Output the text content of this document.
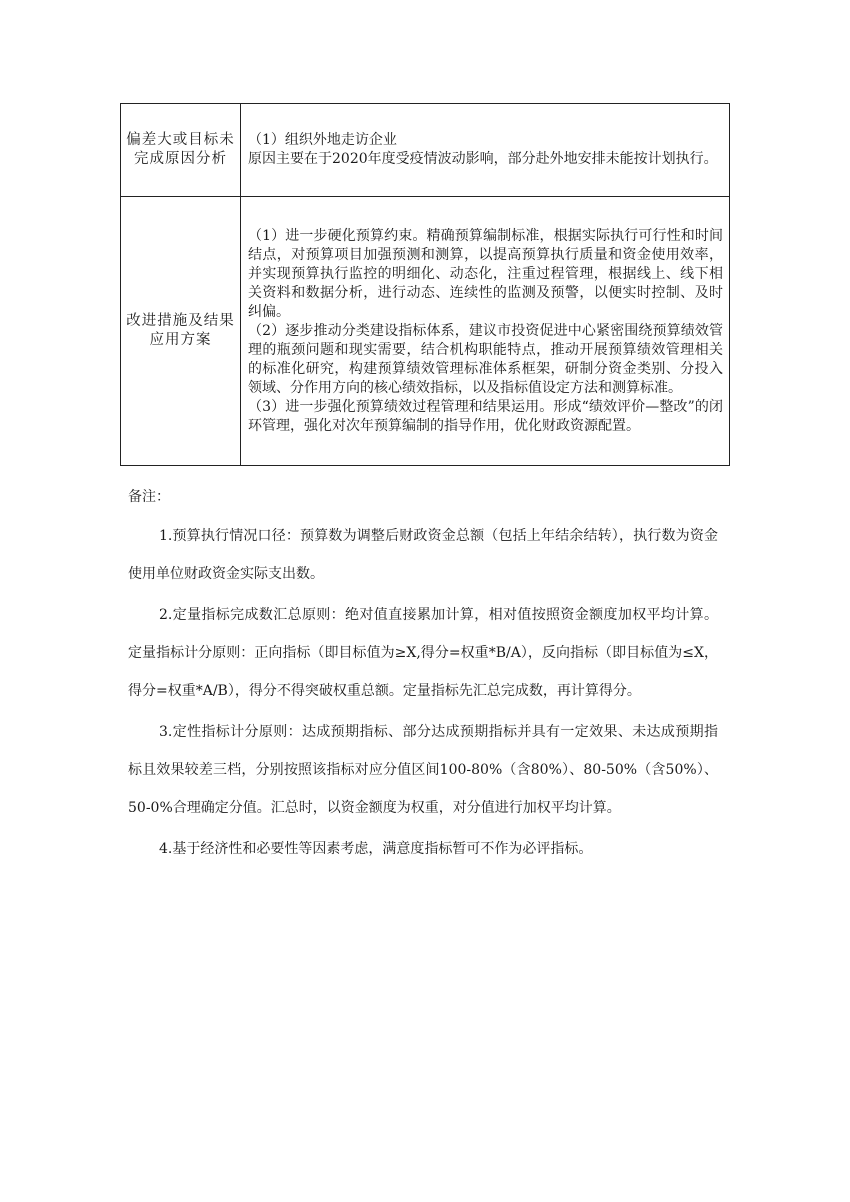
偏差大或目标未完成原因分析	（1）组织外地走访企业

原因主要在于2020年度受疫情波动影响，部分赴外地安排未能按计划执行。

改进措施及结果应用方案	（1）进一步硬化预算约束。精确预算编制标准，根据实际执行可行性和时间结点，对预算项目加强预测和测算，以提高预算执行质量和资金使用效率，并实现预算执行监控的明细化、动态化，注重过程管理，根据线上、线下相关资料和数据分析，进行动态、连续性的监测及预警，以便实时控制、及时纠偏。

（2）逐步推动分类建设指标体系，建议市投资促进中心紧密围绕预算绩效管理的瓶颈问题和现实需要，结合机构职能特点，推动开展预算绩效管理相关的标准化研究，构建预算绩效管理标准体系框架，研制分资金类别、分投入领域、分作用方向的核心绩效指标，以及指标值设定方法和测算标准。

（3）进一步强化预算绩效过程管理和结果运用。形成“绩效评价—整改”的闭环管理，强化对次年预算编制的指导作用，优化财政资源配置。

备注：

1.预算执行情况口径：预算数为调整后财政资金总额（包括上年结余结转），执行数为资金使用单位财政资金实际支出数。

2.定量指标完成数汇总原则：绝对值直接累加计算，相对值按照资金额度加权平均计算。定量指标计分原则：正向指标（即目标值为≥X,得分=权重*B/A），反向指标（即目标值为≤X，得分=权重*A/B），得分不得突破权重总额。定量指标先汇总完成数，再计算得分。

3.定性指标计分原则：达成预期指标、部分达成预期指标并具有一定效果、未达成预期指标且效果较差三档，分别按照该指标对应分值区间100-80%（含80%）、80-50%（含50%）、50-0%合理确定分值。汇总时，以资金额度为权重，对分值进行加权平均计算。

4.基于经济性和必要性等因素考虑，满意度指标暂可不作为必评指标。
